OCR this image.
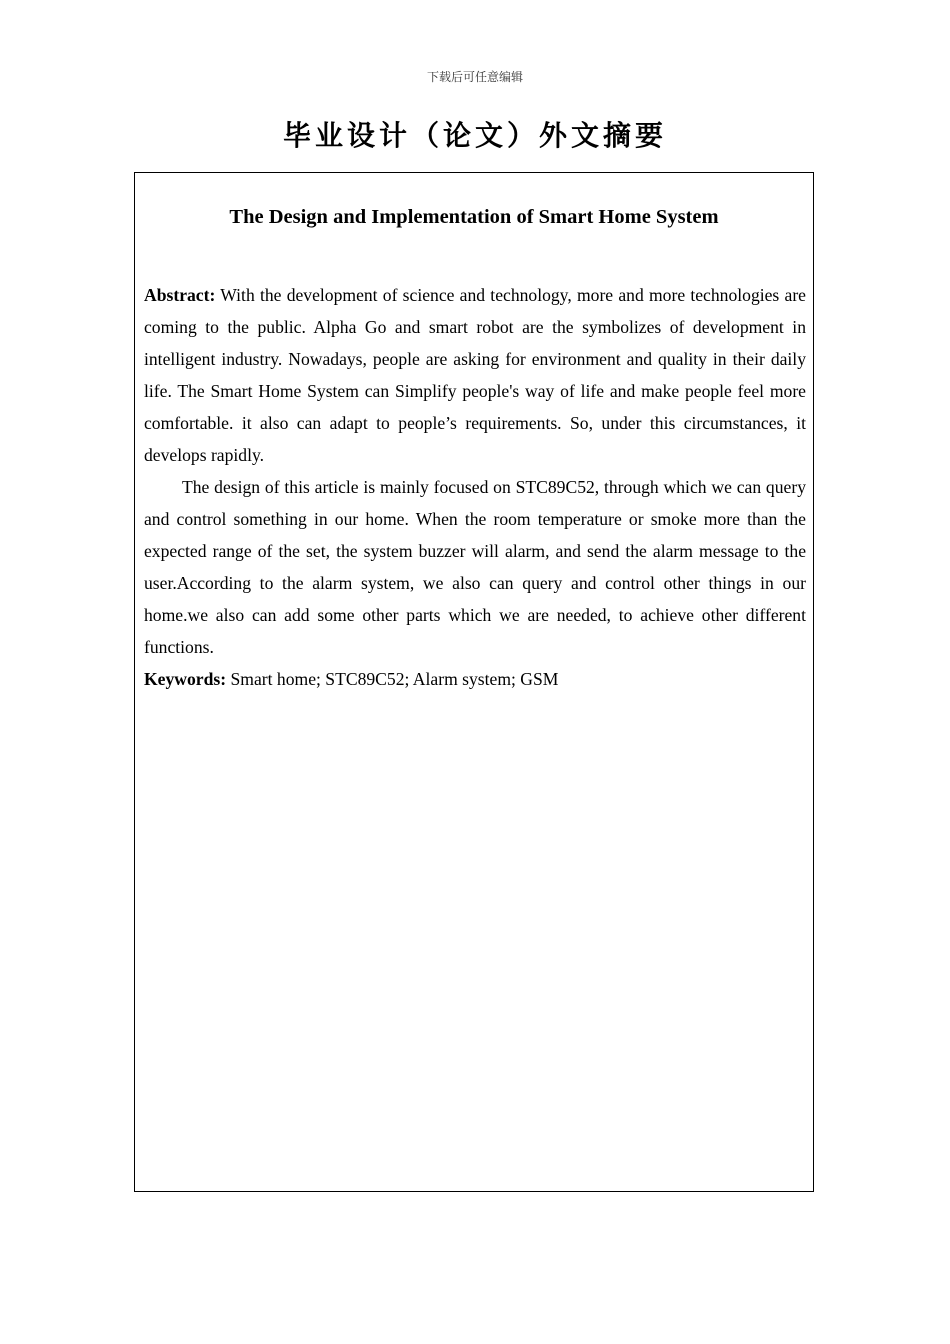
下载后可任意编辑
毕业设计（论文）外文摘要
The Design and Implementation of Smart Home System

Abstract: With the development of science and technology, more and more technologies are coming to the public. Alpha Go and smart robot are the symbolizes of development in intelligent industry. Nowadays, people are asking for environment and quality in their daily life. The Smart Home System can Simplify people's way of life and make people feel more comfortable. it also can adapt to people’s requirements. So, under this circumstances, it develops rapidly.

The design of this article is mainly focused on STC89C52, through which we can query and control something in our home. When the room temperature or smoke more than the expected range of the set, the system buzzer will alarm, and send the alarm message to the user.According to the alarm system, we also can query and control other things in our home.we also can add some other parts which we are needed, to achieve other different functions.

Keywords: Smart home; STC89C52; Alarm system; GSM
